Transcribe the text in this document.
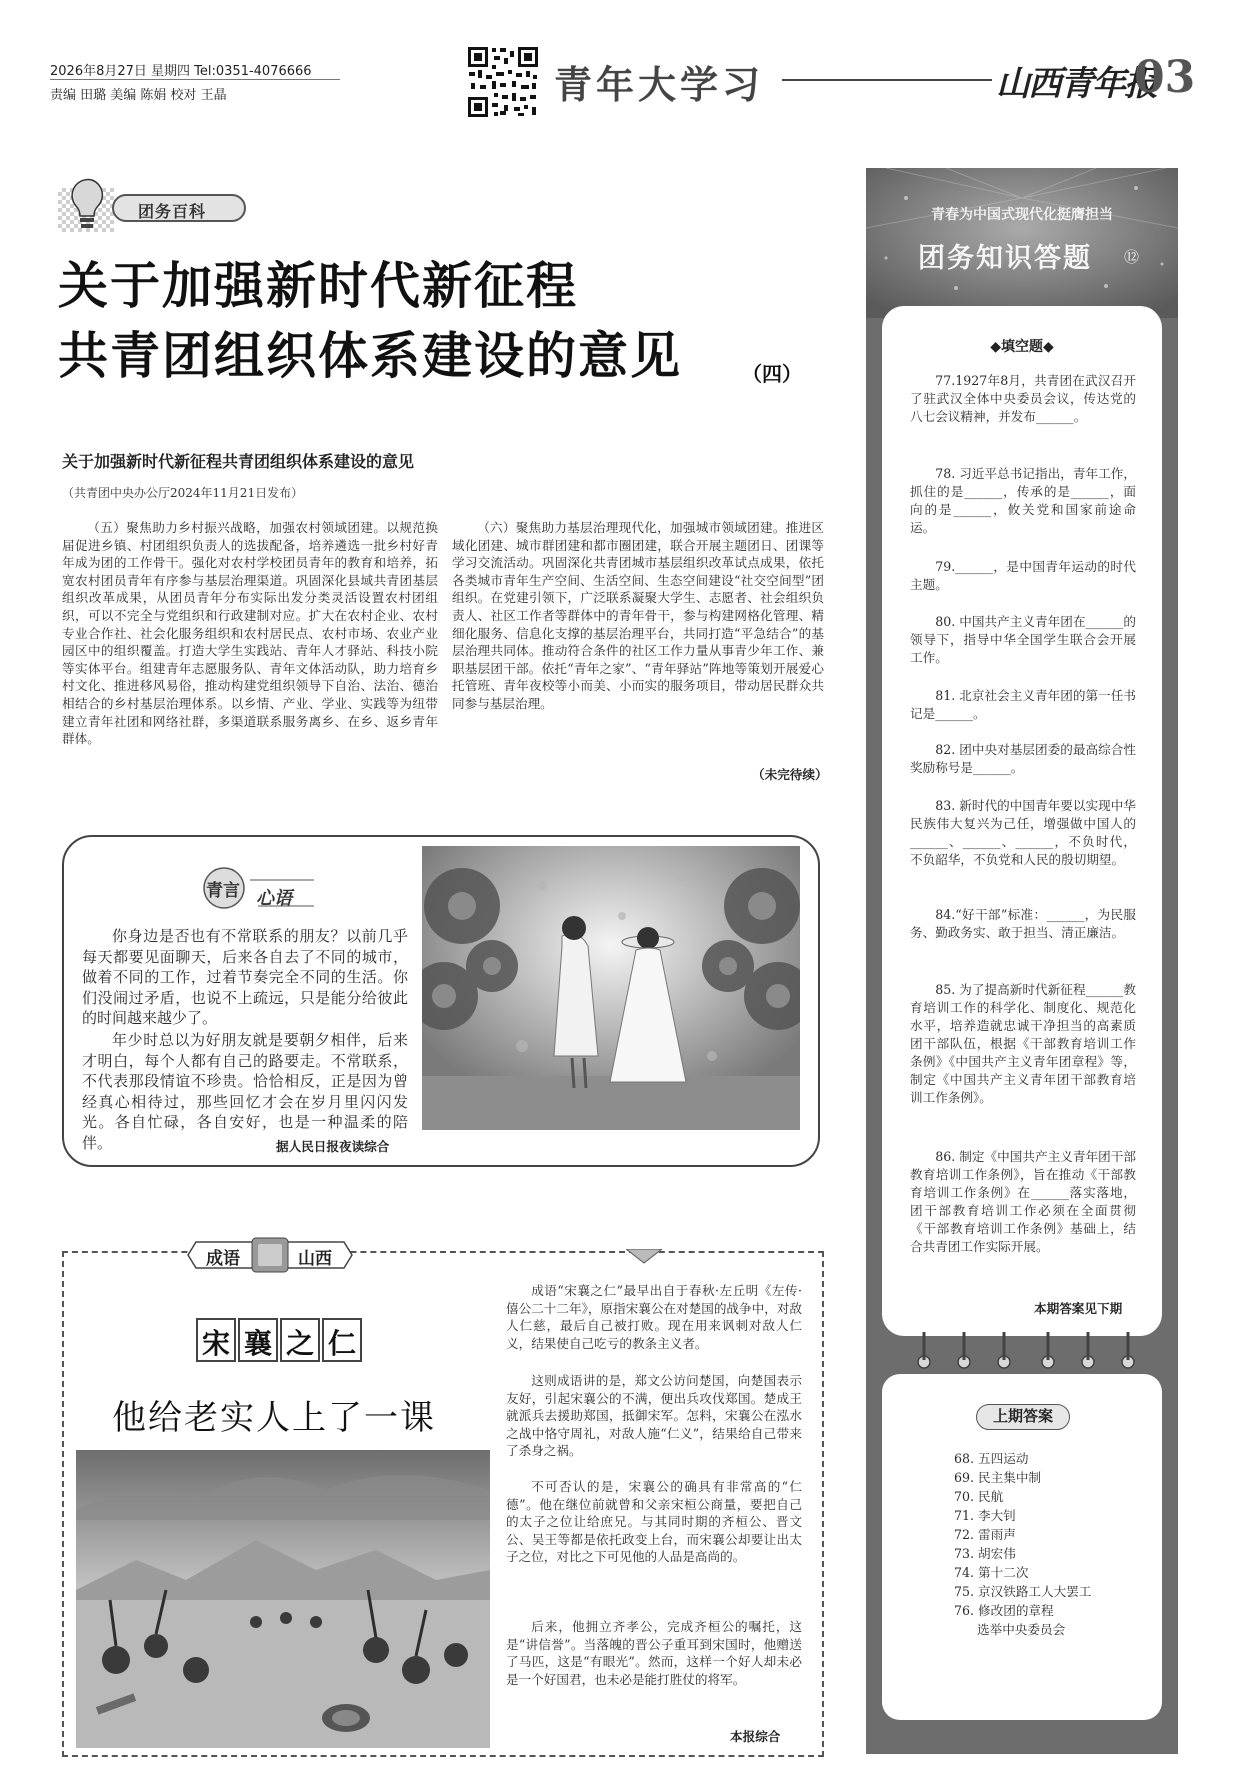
2026年8月27日 星期四 Tel:0351-4076666
责编 田璐 美编 陈娟 校对 王晶	青年大学习	山西青年报
03
团务百科
关于加强新时代新征程
共青团组织体系建设的意见	（四）
关于加强新时代新征程共青团组织体系建设的意见
（共青团中央办公厅2024年11月21日发布）
（五）聚焦助力乡村振兴战略，加强农村领域团建。以规范换届促进乡镇、村团组织负责人的选拔配备，培养遴选一批乡村好青年成为团的工作骨干。强化对农村学校团员青年的教育和培养，拓宽农村团员青年有序参与基层治理渠道。巩固深化县域共青团基层组织改革成果，从团员青年分布实际出发分类灵活设置农村团组织，可以不完全与党组织和行政建制对应。扩大在农村企业、农村专业合作社、社会化服务组织和农村居民点、农村市场、农业产业园区中的组织覆盖。打造大学生实践站、青年人才驿站、科技小院等实体平台。组建青年志愿服务队、青年文体活动队，助力培育乡村文化、推进移风易俗，推动构建党组织领导下自治、法治、德治相结合的乡村基层治理体系。以乡情、产业、学业、实践等为纽带建立青年社团和网络社群，多渠道联系服务离乡、在乡、返乡青年群体。
（六）聚焦助力基层治理现代化，加强城市领域团建。推进区域化团建、城市群团建和都市圈团建，联合开展主题团日、团课等学习交流活动。巩固深化共青团城市基层组织改革试点成果，依托各类城市青年生产空间、生活空间、生态空间建设“社交空间型”团组织。在党建引领下，广泛联系凝聚大学生、志愿者、社会组织负责人、社区工作者等群体中的青年骨干，参与构建网格化管理、精细化服务、信息化支撑的基层治理平台，共同打造“平急结合”的基层治理共同体。推动符合条件的社区工作力量从事青少年工作、兼职基层团干部。依托“青年之家”、“青年驿站”阵地等策划开展爱心托管班、青年夜校等小而美、小而实的服务项目，带动居民群众共同参与基层治理。
（未完待续）
青言 心语
你身边是否也有不常联系的朋友？以前几乎每天都要见面聊天，后来各自去了不同的城市，做着不同的工作，过着节奏完全不同的生活。你们没闹过矛盾，也说不上疏远，只是能分给彼此的时间越来越少了。
年少时总以为好朋友就是要朝夕相伴，后来才明白，每个人都有自己的路要走。不常联系，不代表那段情谊不珍贵。恰恰相反，正是因为曾经真心相待过，那些回忆才会在岁月里闪闪发光。各自忙碌，各自安好，也是一种温柔的陪伴。	据人民日报夜读综合
成语	山西
宋襄之仁
他给老实人上了一课
成语“宋襄之仁”最早出自于春秋·左丘明《左传·僖公二十二年》，原指宋襄公在对楚国的战争中，对敌人仁慈，最后自己被打败。现在用来讽刺对敌人仁义，结果使自己吃亏的教条主义者。
这则成语讲的是，郑文公访问楚国，向楚国表示友好，引起宋襄公的不满，便出兵攻伐郑国。楚成王就派兵去援助郑国，抵御宋军。怎料，宋襄公在泓水之战中恪守周礼，对敌人施“仁义”，结果给自己带来了杀身之祸。
不可否认的是，宋襄公的确具有非常高的“仁德”。他在继位前就曾和父亲宋桓公商量，要把自己的太子之位让给庶兄。与其同时期的齐桓公、晋文公、吴王等都是依托政变上台，而宋襄公却要让出太子之位，对比之下可见他的人品是高尚的。
后来，他拥立齐孝公，完成齐桓公的嘱托，这是“讲信誉”。当落魄的晋公子重耳到宋国时，他赠送了马匹，这是“有眼光”。然而，这样一个好人却未必是一个好国君，也未必是能打胜仗的将军。
本报综合
青春为中国式现代化挺膺担当
团务知识答题 ⑫
◆填空题◆
77.1927年8月，共青团在武汉召开了驻武汉全体中央委员会议，传达党的八七会议精神，并发布______。
78. 习近平总书记指出，青年工作，抓住的是______，传承的是______，面向的是______，攸关党和国家前途命运。
79.______，是中国青年运动的时代主题。
80. 中国共产主义青年团在______的领导下，指导中华全国学生联合会开展工作。
81. 北京社会主义青年团的第一任书记是______。
82. 团中央对基层团委的最高综合性奖励称号是______。
83. 新时代的中国青年要以实现中华民族伟大复兴为己任，增强做中国人的______、______、______，不负时代，不负韶华，不负党和人民的殷切期望。
84.“好干部”标准：______，为民服务、勤政务实、敢于担当、清正廉洁。
85. 为了提高新时代新征程______教育培训工作的科学化、制度化、规范化水平，培养造就忠诚干净担当的高素质团干部队伍，根据《干部教育培训工作条例》《中国共产主义青年团章程》等，制定《中国共产主义青年团干部教育培训工作条例》。
86. 制定《中国共产主义青年团干部教育培训工作条例》，旨在推动《干部教育培训工作条例》在______落实落地，团干部教育培训工作必须在全面贯彻《干部教育培训工作条例》基础上，结合共青团工作实际开展。
本期答案见下期
上期答案
68. 五四运动
69. 民主集中制
70. 民航
71. 李大钊
72. 雷雨声
73. 胡宏伟
74. 第十二次
75. 京汉铁路工人大罢工
76. 修改团的章程
选举中央委员会
